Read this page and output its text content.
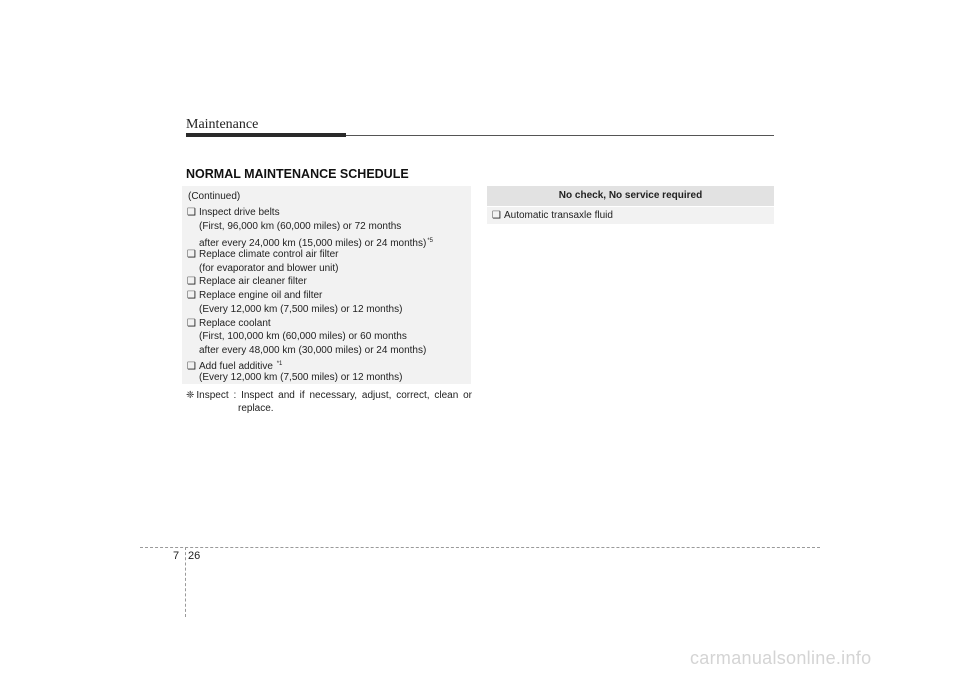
Maintenance
NORMAL MAINTENANCE SCHEDULE
(Continued)
❑ Inspect drive belts
(First, 96,000 km (60,000 miles) or 72 months
after every 24,000 km (15,000 miles) or 24 months)$^{*5}$
❑ Replace climate control air filter
(for evaporator and blower unit)
❑ Replace air cleaner filter
❑ Replace engine oil and filter
(Every 12,000 km (7,500 miles) or 12 months)
❑ Replace coolant
(First, 100,000 km (60,000 miles) or 60 months
after every 48,000 km (30,000 miles) or 24 months)
❑ Add fuel additive $^{*1}$
(Every 12,000 km (7,500 miles) or 12 months)
❈ Inspect : Inspect and if necessary, adjust, correct, clean or
replace.
No check, No service required
❑ Automatic transaxle fluid
7 26
carmanualsonline.info
